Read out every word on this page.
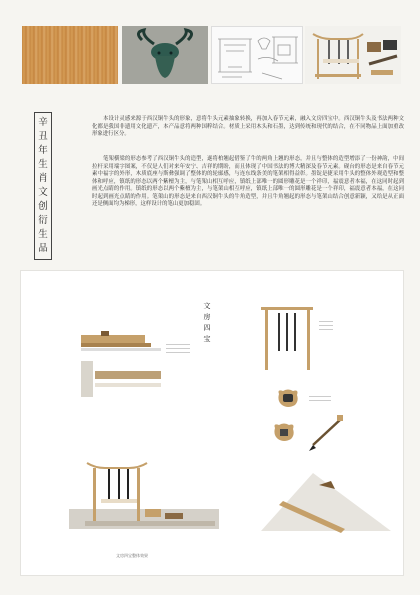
辛
丑
年
生
肖
文
创
衍
生
品
本设计灵感来源于西汉铜牛头的形象，意将牛头元素抽象转换，再加入春节元素，融入文房四宝中。西汉铜牛头及书法两种文化都是我国非遗用文化遗产，本产品意将两种国粹结合。材质上采用木头和石墨，达到传统和现代的结合，在不同物品上面加重改形象进行区分。
笔架横梁的形态参考了西汉铜牛头的造型，遂将柏翘起借鉴了牛的两角上翘的形态，并且与整体的造型增添了一份神韵，中间拉杆采用端字图案，不仅是人们对来年安宁、吉祥的期盼，而且体现了中国书法的博大精深及春节元素。砚台的形态是来自春节元素中福字的外形，木质底座与斯彝强调了整体的的轮廓感，与连东线条美的笔架相得益彰。墨锭是捷采用牛头的整体外观造型和整体和呼应，镇纸的形态以两个紫檀为主，与笔架山相互呼应，镇纸上部唯一的圆形雕花是一个祥印，福震意者本福，在这同时起到画光点睛的作用。镇纸的形态以两个紫檀为主，与笔架山相互呼应，镇纸上部唯一的圆形雕花是一个祥印，福震意者本福，在这同时起到画光点睛的作用。笔架山的形态是来自西汉铜牛头的牛角造型，并且牛角翘起的形态与笔架山结合创意新颖，又给是从正面还是侧面均为梯形，这样设计的笔山更加稳固。
文
房
四
宝
文房四宝整体效果
